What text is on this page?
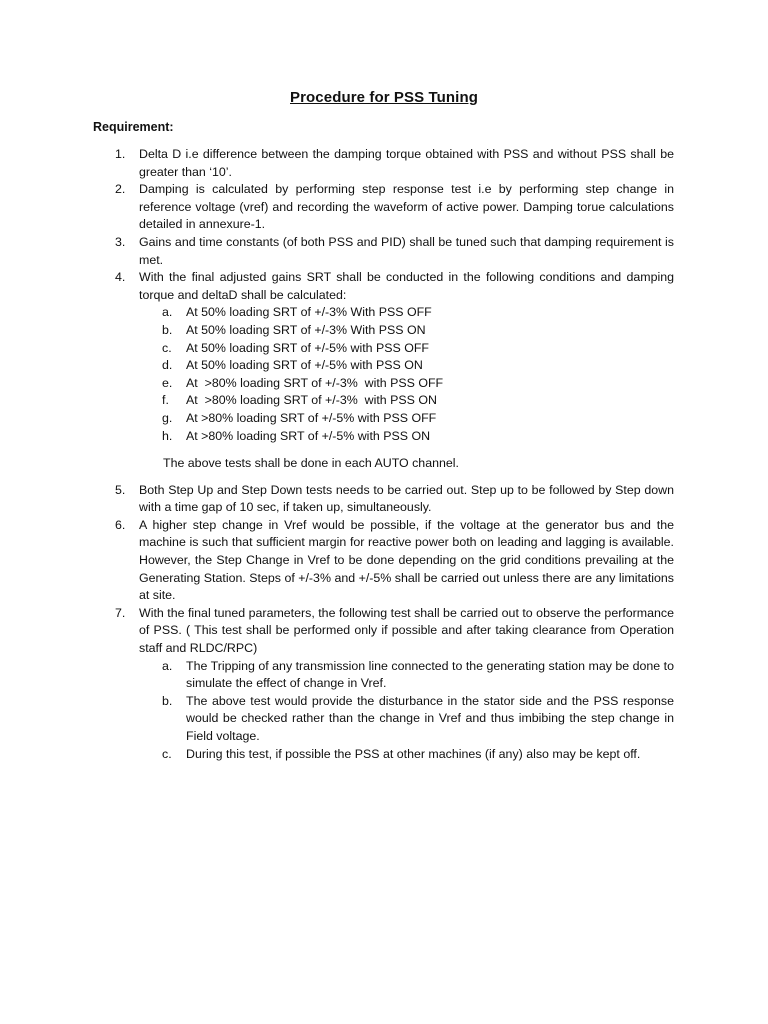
Procedure for PSS Tuning
Requirement:
1. Delta D i.e difference between the damping torque obtained with PSS and without PSS shall be greater than ‘10’.
2. Damping is calculated by performing step response test i.e by performing step change in reference voltage (vref) and recording the waveform of active power. Damping torue calculations detailed in annexure-1.
3. Gains and time constants (of both PSS and PID) shall be tuned such that damping requirement is met.
4. With the final adjusted gains SRT shall be conducted in the following conditions and damping torque and deltaD shall be calculated:
a. At 50% loading SRT of +/-3% With PSS OFF
b. At 50% loading SRT of +/-3% With PSS ON
c. At 50% loading SRT of +/-5% with PSS OFF
d. At 50% loading SRT of +/-5% with PSS ON
e. At  >80% loading SRT of +/-3%  with PSS OFF
f. At  >80% loading SRT of +/-3%  with PSS ON
g. At >80% loading SRT of +/-5% with PSS OFF
h. At >80% loading SRT of +/-5% with PSS ON
The above tests shall be done in each AUTO channel.
5. Both Step Up and Step Down tests needs to be carried out. Step up to be followed by Step down with a time gap of 10 sec, if taken up, simultaneously.
6. A higher step change in Vref would be possible, if the voltage at the generator bus and the machine is such that sufficient margin for reactive power both on leading and lagging is available. However, the Step Change in Vref to be done depending on the grid conditions prevailing at the Generating Station. Steps of +/-3% and +/-5% shall be carried out unless there are any limitations at site.
7. With the final tuned parameters, the following test shall be carried out to observe the performance of PSS. ( This test shall be performed only if possible and after taking clearance from Operation staff and RLDC/RPC)
a. The Tripping of any transmission line connected to the generating station may be done to simulate the effect of change in Vref.
b. The above test would provide the disturbance in the stator side and the PSS response would be checked rather than the change in Vref and thus imbibing the step change in Field voltage.
c. During this test, if possible the PSS at other machines (if any) also may be kept off.
